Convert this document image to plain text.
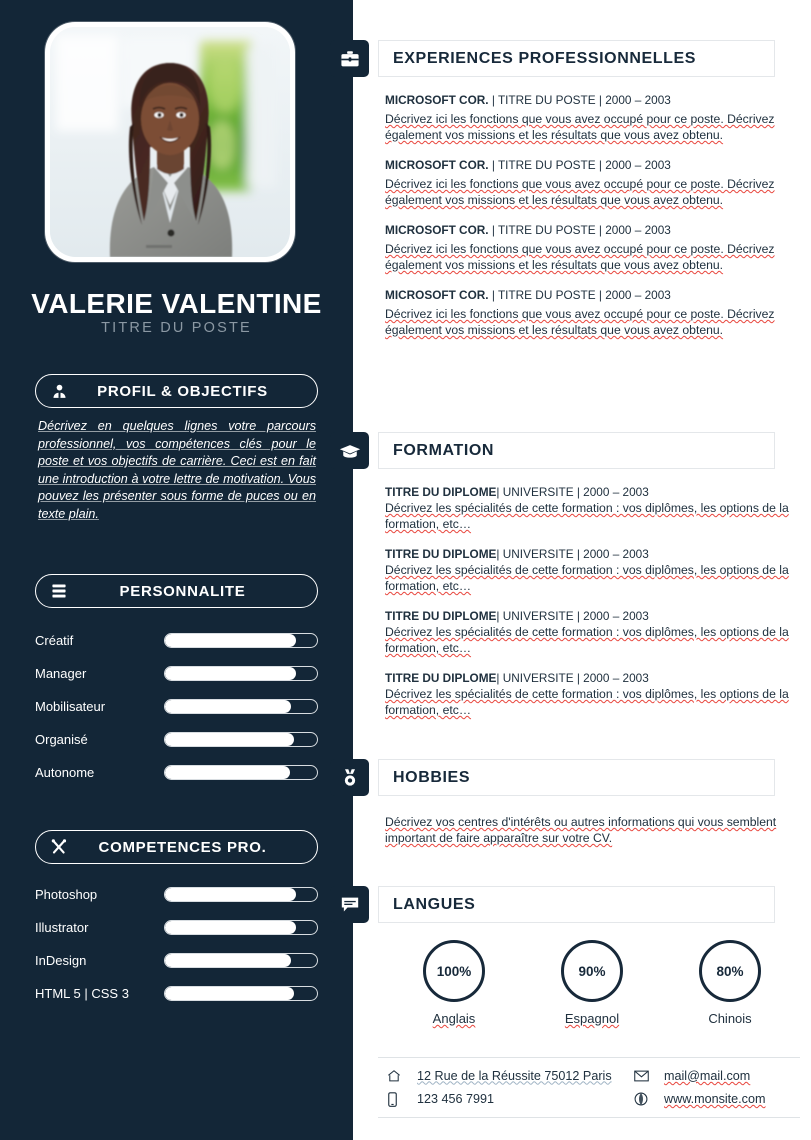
VALERIE VALENTINE
TITRE DU POSTE
PROFIL & OBJECTIFS
Décrivez en quelques lignes votre parcours professionnel, vos compétences clés pour le poste et vos objectifs de carrière. Ceci est en fait une introduction à votre lettre de motivation. Vous pouvez les présenter sous forme de puces ou en texte plain.
PERSONNALITE
Créatif
Manager
Mobilisateur
Organisé
Autonome
COMPETENCES PRO.
Photoshop
Illustrator
InDesign
HTML 5 | CSS 3
EXPERIENCES PROFESSIONNELLES
MICROSOFT COR. | TITRE DU POSTE | 2000 – 2003
Décrivez ici les fonctions que vous avez occupé pour ce poste. Décrivez également vos missions et les résultats que vous avez obtenu.
MICROSOFT COR. | TITRE DU POSTE | 2000 – 2003
Décrivez ici les fonctions que vous avez occupé pour ce poste. Décrivez également vos missions et les résultats que vous avez obtenu.
MICROSOFT COR. | TITRE DU POSTE | 2000 – 2003
Décrivez ici les fonctions que vous avez occupé pour ce poste. Décrivez également vos missions et les résultats que vous avez obtenu.
MICROSOFT COR. | TITRE DU POSTE | 2000 – 2003
Décrivez ici les fonctions que vous avez occupé pour ce poste. Décrivez également vos missions et les résultats que vous avez obtenu.
FORMATION
TITRE DU DIPLOME| UNIVERSITE | 2000 – 2003
Décrivez les spécialités de cette formation : vos diplômes, les options de la formation, etc…
TITRE DU DIPLOME| UNIVERSITE | 2000 – 2003
Décrivez les spécialités de cette formation : vos diplômes, les options de la formation, etc…
TITRE DU DIPLOME| UNIVERSITE | 2000 – 2003
Décrivez les spécialités de cette formation : vos diplômes, les options de la formation, etc…
TITRE DU DIPLOME| UNIVERSITE | 2000 – 2003
Décrivez les spécialités de cette formation : vos diplômes, les options de la formation, etc…
HOBBIES
Décrivez vos centres d'intérêts ou autres informations qui vous semblent important de faire apparaître sur votre CV.
LANGUES
100%
Anglais
90%
Espagnol
80%
Chinois
12 Rue de la Réussite 75012 Paris
123 456 7991
mail@mail.com
www.monsite.com
